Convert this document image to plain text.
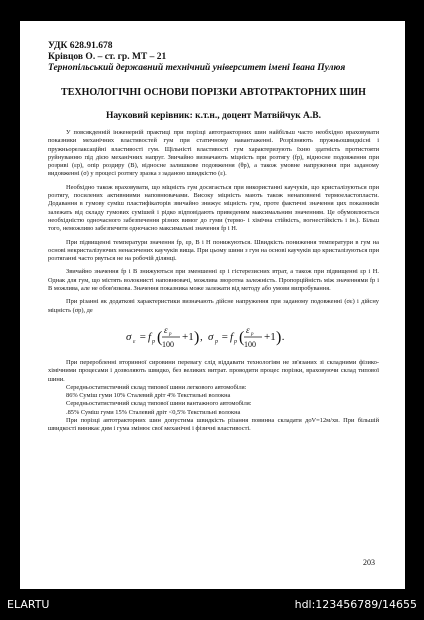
УДК 628.91.678
Крівцов О. – ст. гр. МТ – 21
Тернопільський державний технічний університет імені Івана Пулюя
ТЕХНОЛОГІЧНІ ОСНОВИ ПОРІЗКИ АВТОТРАКТОРНИХ ШИН
Науковий керівник: к.т.н., доцент Матвійчук А.В.

У повсякденній інженерній практиці при порізці автотракторних шин найбільш часто необхідно враховувати показники механічних властивостей гум при статичному навантаженні. Розрізняють пружньошвидкісні і пружньорелаксаційні властивості гум. Щільністі властивості гум характеризують їхню здатність протистояти руйнуванню під дією механічних напруг. Звичайно визначають міцність при розтягу (fр), відносне подовження при розриві (εр), опір роздиру (В), відносне залишкове подовження (θр), а також умовне напруження при заданому видовженні (σ) у процесі розтягу зразка з заданою швидкістю (ε).

Необхідно також враховувати, що міцність гум досягається при використанні каучуків, що кристалізуються при розтягу, посилених активниими наповнювачами. Високу міцність мають також ненаповнені термоеластопласти. Додавання в гумову суміш пластифікаторів звичайно знижує міцність гум, проте фактичні значення цих показників залежать від складу гумових сумішей і рідко відповідають приведеним максимальним значенням. Це обумовлюється необхідністю одночасного забезпечення різних вимог до гуми (термо- і хімічна стійкість, вогнестійкість і ін.). Більш того, неможливо забезпечити одночасно максимальні значення fр і Н.

При підвищенні температури значення fр, εр, В і Н понижуються. Швидкість пониження температури в гум на основі некристалізуючих ненасичених каучуків вища. При цьому шини з гум на основі каучуків що кристалізуються при розтяганні часто рвуться не на робочій ділянці.

Звичайно значення fр і В знижуються при зменшенні εр і гістерезисних втрат, а також при підвищенні εр і Н. Однак для гум, що містять волокнисті наповнювачі, можлива зворотна залежність. Пропорційність між значеннями fр і В можлива, але не обов'язкова. Значення показника може залежати від методу або умови випробування.

При різанні як додаткові характеристики визначають дійсне напруження при заданому подовженні (σε) і дійсну міцність (σр), де

σ ε = f p ( ε p
100
+1 ) , σ p = f p ( ε p
100
+1 ) .

При переробленні вторинної сировини перевагу слід віддавати технологіям не зв'язаних зі складними фізико-хімічними процесами і дозволяють швидко, без великих витрат. проводити процес порізки, враховуючи склад типової шини.

Середньостатистичний склад типової шини легкового автомобіля:

86% Суміш гуми 10% Сталевий дріт 4% Текстильні волокна

Середньостатистичний склад типової шини вантажного автомобіля:

.85% Суміш гуми 15% Сталевий дріт <0,5% Текстильні волокна

При порізці автотракторних шин допустима швидкість різання повинна складати доV=12м/хв. При більшій швидкості виникає дим і гума змінює свої механічні і фізичні властивості.

203
ELARTU	hdl:123456789/14655
